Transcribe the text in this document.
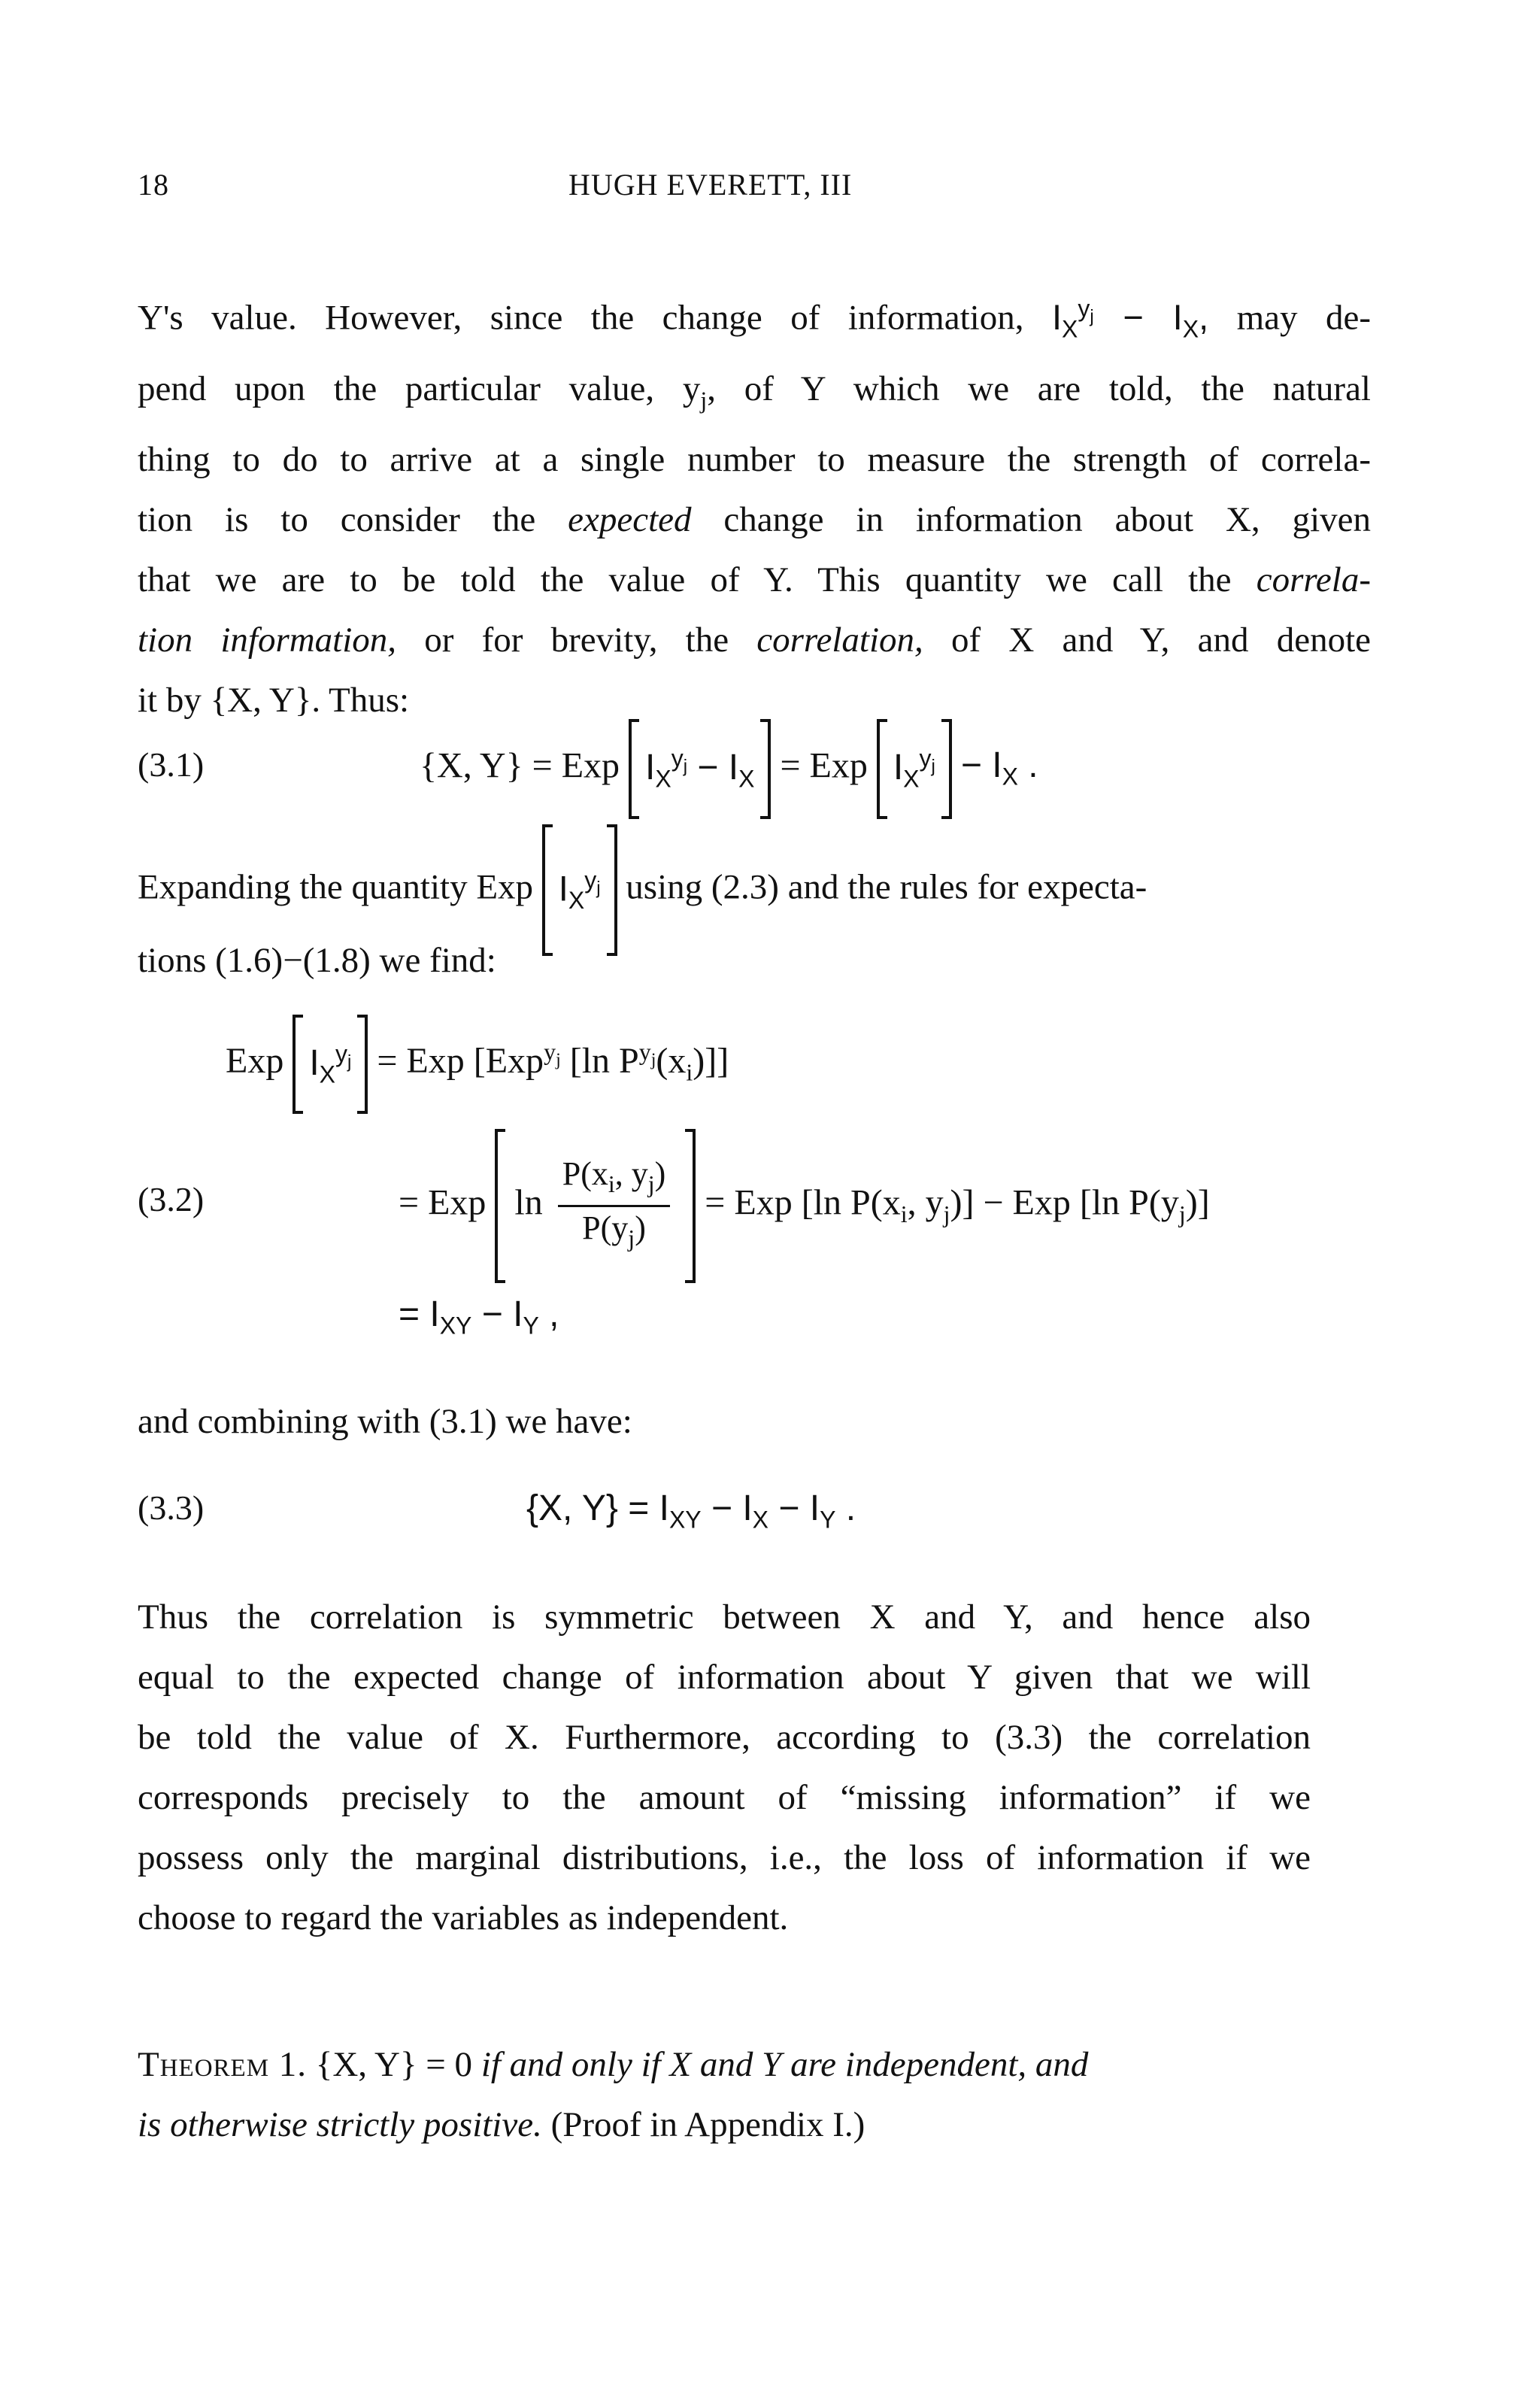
18	HUGH EVERETT, III
Y's value. However, since the change of information, $I_X^{y_j} - I_X$, may de-
pend upon the particular value, $y_j$, of Y which we are told, the natural
thing to do to arrive at a single number to measure the strength of correla-
tion is to consider the expected change in information about X, given
that we are to be told the value of Y. This quantity we call the correla-
tion information, or for brevity, the correlation, of X and Y, and denote
it by {X, Y}. Thus:
(3.1)	{X, Y} = Exp $I_X^{y_j} - I_X$ = Exp $I_X^{y_j} - I_X$ .
Expanding the quantity Exp $I_X^{y_j}$ using (2.3) and the rules for expecta-
tions (1.6)−(1.8) we find:
Exp $I_X^{y_j}$ = Exp [Exp$^{y_j}$ [ln $P^{y_j}(x_i)$]]
(3.2)	= Exp $\ln \frac{P(x_i, y_j)}{P(y_j)}$ = Exp [ln $P(x_i$, $y_j$)] − Exp [ln $P(y_j)$]
= $I_{XY} - I_Y$ ,
and combining with (3.1) we have:
(3.3)	{X, $Y\} = I_{XY} - I_X - I_Y$ .
Thus the correlation is symmetric between X and Y, and hence also
equal to the expected change of information about Y given that we will
be told the value of X. Furthermore, according to (3.3) the correlation
corresponds precisely to the amount of “missing information” if we
possess only the marginal distributions, i.e., the loss of information if we
choose to regard the variables as independent.
Theorem 1. {X, Y} = 0 if and only if X and Y are independent, and
is otherwise strictly positive. (Proof in Appendix I.)
